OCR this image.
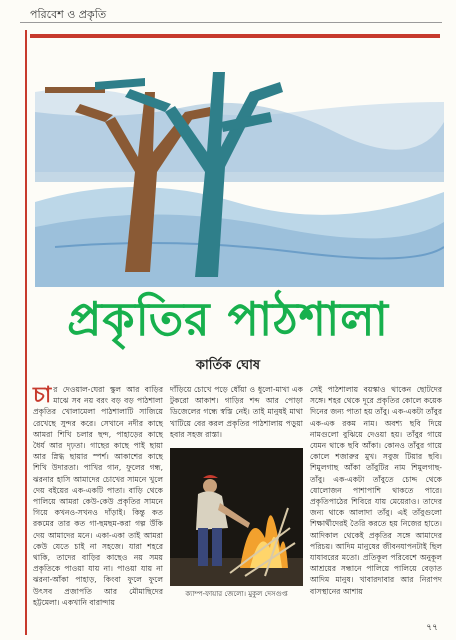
পরিবেশ ও প্রকৃতি
প্রকৃতির পাঠশালা
কার্তিক ঘোষ
চা র দেওয়াল-ঘেরা স্কুল আর বাড়ির মাঝে সব নয় বরং বড় বড় পাঠশালা প্রকৃতির খোলামেলা পাঠশালাটি সাজিয়ে রেখেছে সুন্দর করে। সেখানে নদীর কাছে আমরা শিখি চলার ছন্দ, পাহাড়ের কাছে ধৈর্য আর দৃঢ়তা। গাছের কাছে পাই ছায়া আর স্নিগ্ধ ছায়ার স্পর্শ। আকাশের কাছে শিখি উদারতা। পাখির গান, ফুলের গন্ধ, ঝরনার হাসি আমাদের চোখের সামনে খুলে দেয় বইয়ের এক-একটি পাতা। বাড়ি থেকে পালিয়ে আমরা কেউ-কেউ প্রকৃতির সামনে গিয়ে কখনও-সখনও দাঁড়াই। কিন্তু কত রকমের তার কত গা-ছমছম-করা গল্প উঁকি দেয় আমাদের মনে। একা-একা তাই আমরা কেউ যেতে চাই না সহজে। যারা শহরে থাকি, তাদের বাড়ির কাছেও নয় সময় প্রকৃতিকে পাওয়া যায় না। পাওয়া যায় না ঝরনা-আঁকা পাহাড়, কিংবা ফুলে ফুলে উৎসব প্রজাপতি আর মৌমাছিদের হট্টমেলা। একখানি বারান্দায়
দাঁড়িয়ে চোখে পড়ে ধোঁয়া ও ধুলো-মাখা এক টুকরো আকাশ। গাড়ির শব্দ আর পোড়া ডিজেলের গন্ধে স্বস্তি নেই। তাই মানুষই মাথা খাটিয়ে বের করল প্রকৃতির পাঠশালায় পড়ুয়া হবার সহজ রাস্তা।
ক্যাম্প-ফায়ার জেলো। মুকুল দেসগুপ্ত
সেই পাঠশালায় বয়স্কাও থাকেন ছোটদের সঙ্গে। শহর থেকে দূরে প্রকৃতির কোলে কয়েক দিনের জন্য পাতা হয় তাঁবু। এক-একটা তাঁবুর এক-এক রকম নাম। অবশ্য ছবি দিয়ে নামগুলো বুঝিয়ে দেওয়া হয়। তাঁবুর গায়ে যেমন থাকে ছবি আঁকা। কোনও তাঁবুর গায়ে কোলে শজারুর মুখ। সবুজ টিয়ার ছবি। শিমুলগাছ আঁকা তাঁবুটির নাম শিমুলগাছ-তাঁবু। এক-একটা তাঁবুতে চোদ্দ থেকে ষোলোজন পাশাপাশি থাকতে পারে। প্রকৃতিপাঠের শিবিরে যায় মেয়েরাও। তাদের জন্য থাকে আলাদা তাঁবু। এই তাঁবুগুলো শিক্ষার্থীদেরই তৈরি করতে হয় নিজের হাতে। আদিকাল থেকেই প্রকৃতির সঙ্গে আমাদের পরিচয়। আদিম মানুষের জীবনযাপনটাই ছিল যাযাবরের মতো। প্রতিকূল পরিবেশে অনুকূল আশ্রয়ের সন্ধানে পালিয়ে পালিয়ে বেড়াত আদিম মানুষ। খাবারদাবার আর নিরাপদ বাসস্থানের আশায়
৭৭
